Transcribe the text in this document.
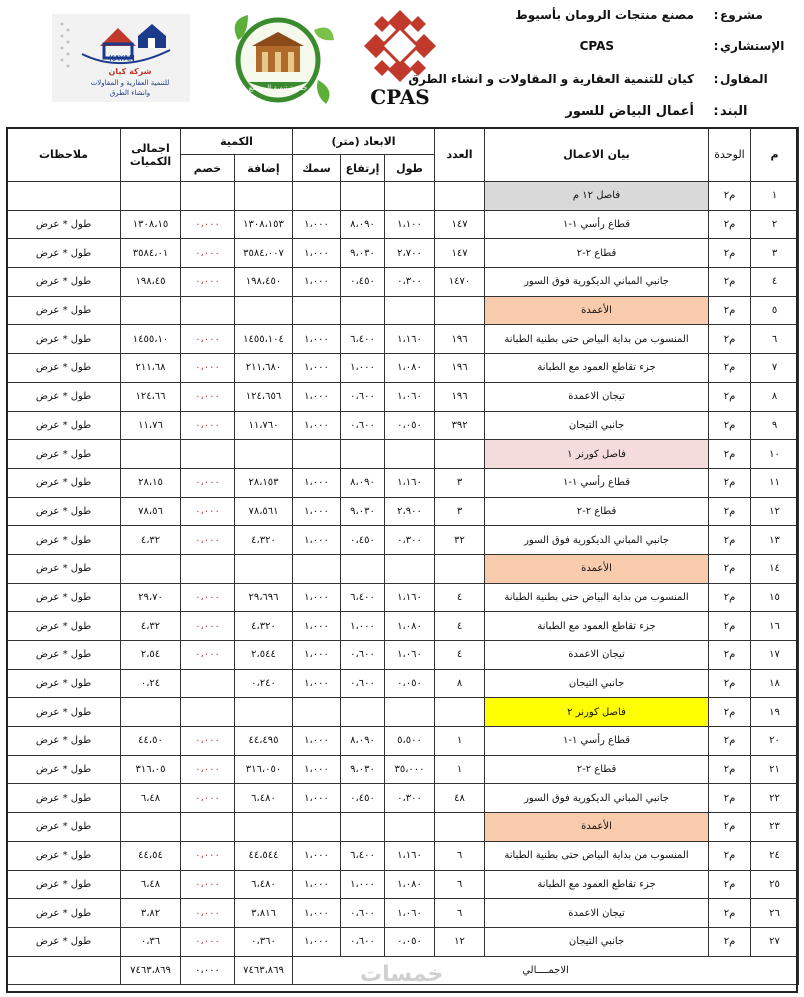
KAYAN
شركة كيان
للتنمية العقارية و المقاولات
وانشاء الطرق
جمعية تنمية المجتمع	CPAS
مشروع
:
مصنع منتجات الرومان بأسيوط
الإستشاري
:
CPAS
المقاول
:
كيان للتنمية العقارية و المقاولات و انشاء الطرق
البند
:
أعمال البياض للسور
ملاحظات	اجمالى الكميات	الكمية		الابعاد (متر)			العدد	بيان الاعمال	الوحدة	م
		خصم	إضافة	سمك	إرتفاع	طول				
								فاصل ١٢ م	م٢	١
طول * عرض	١٣٠٨،١٥	٠،٠٠٠	١٣٠٨،١٥٣	١،٠٠٠	٨،٠٩٠	١،١٠٠	١٤٧	قطاع رأسي ١-١	م٢	٢
طول * عرض	٣٥٨٤،٠١	٠،٠٠٠	٣٥٨٤،٠٠٧	١،٠٠٠	٩،٠٣٠	٢،٧٠٠	١٤٧	قطاع ٢-٢	م٢	٣
طول * عرض	١٩٨،٤٥	٠،٠٠٠	١٩٨،٤٥٠	١،٠٠٠	٠،٤٥٠	٠،٣٠٠	١٤٧٠	جانبي المباني الديكورية فوق السور	م٢	٤
طول * عرض								الأعمدة	م٢	٥
طول * عرض	١٤٥٥،١٠	٠،٠٠٠	١٤٥٥،١٠٤	١،٠٠٠	٦،٤٠٠	١،١٦٠	١٩٦	المنسوب من بداية البياض حتى بطنية الطبانة	م٢	٦
طول * عرض	٢١١،٦٨	٠،٠٠٠	٢١١،٦٨٠	١،٠٠٠	١،٠٠٠	١،٠٨٠	١٩٦	جزء تقاطع العمود مع الطبانة	م٢	٧
طول * عرض	١٢٤،٦٦	٠،٠٠٠	١٢٤،٦٥٦	١،٠٠٠	٠،٦٠٠	١،٠٦٠	١٩٦	تيجان الاعمدة	م٢	٨
طول * عرض	١١،٧٦	٠،٠٠٠	١١،٧٦٠	١،٠٠٠	٠،٦٠٠	٠،٠٥٠	٣٩٢	جانبي التيجان	م٢	٩
طول * عرض								فاصل كورنر ١	م٢	١٠
طول * عرض	٢٨،١٥	٠،٠٠٠	٢٨،١٥٣	١،٠٠٠	٨،٠٩٠	١،١٦٠	٣	قطاع رأسي ١-١	م٢	١١
طول * عرض	٧٨،٥٦	٠،٠٠٠	٧٨،٥٦١	١،٠٠٠	٩،٠٣٠	٢،٩٠٠	٣	قطاع ٢-٢	م٢	١٢
طول * عرض	٤،٣٢	٠،٠٠٠	٤،٣٢٠	١،٠٠٠	٠،٤٥٠	٠،٣٠٠	٣٢	جانبي المباني الديكورية فوق السور	م٢	١٣
طول * عرض								الأعمدة	م٢	١٤
طول * عرض	٢٩،٧٠	٠،٠٠٠	٢٩،٦٩٦	١،٠٠٠	٦،٤٠٠	١،١٦٠	٤	المنسوب من بداية البياض حتى بطنية الطبانة	م٢	١٥
طول * عرض	٤،٣٢	٠،٠٠٠	٤،٣٢٠	١،٠٠٠	١،٠٠٠	١،٠٨٠	٤	جزء تقاطع العمود مع الطبانة	م٢	١٦
طول * عرض	٢،٥٤	٠،٠٠٠	٢،٥٤٤	١،٠٠٠	٠،٦٠٠	١،٠٦٠	٤	تيجان الاعمدة	م٢	١٧
طول * عرض	٠،٢٤		٠،٢٤٠	١،٠٠٠	٠،٦٠٠	٠،٠٥٠	٨	جانبي التيجان	م٢	١٨
طول * عرض								فاصل كورنر ٢	م٢	١٩
طول * عرض	٤٤،٥٠	٠،٠٠٠	٤٤،٤٩٥	١،٠٠٠	٨،٠٩٠	٥،٥٠٠	١	قطاع رأسي ١-١	م٢	٢٠
طول * عرض	٣١٦،٠٥	٠،٠٠٠	٣١٦،٠٥٠	١،٠٠٠	٩،٠٣٠	٣٥،٠٠٠	١	قطاع ٢-٢	م٢	٢١
طول * عرض	٦،٤٨	٠،٠٠٠	٦،٤٨٠	١،٠٠٠	٠،٤٥٠	٠،٣٠٠	٤٨	جانبي المباني الديكورية فوق السور	م٢	٢٢
طول * عرض								الأعمدة	م٢	٢٣
طول * عرض	٤٤،٥٤	٠،٠٠٠	٤٤،٥٤٤	١،٠٠٠	٦،٤٠٠	١،١٦٠	٦	المنسوب من بداية البياض حتى بطنية الطبانة	م٢	٢٤
طول * عرض	٦،٤٨	٠،٠٠٠	٦،٤٨٠	١،٠٠٠	١،٠٠٠	١،٠٨٠	٦	جزء تقاطع العمود مع الطبانة	م٢	٢٥
طول * عرض	٣،٨٢	٠،٠٠٠	٣،٨١٦	١،٠٠٠	٠،٦٠٠	١،٠٦٠	٦	تيجان الاعمدة	م٢	٢٦
طول * عرض	٠،٣٦	٠،٠٠٠	٠،٣٦٠	١،٠٠٠	٠،٦٠٠	٠،٠٥٠	١٢	جانبي التيجان	م٢	٢٧
	٧٤٦٣،٨٦٩	٠،٠٠٠	٧٤٦٣،٨٦٩	الاجمــــالي						
خمسات
